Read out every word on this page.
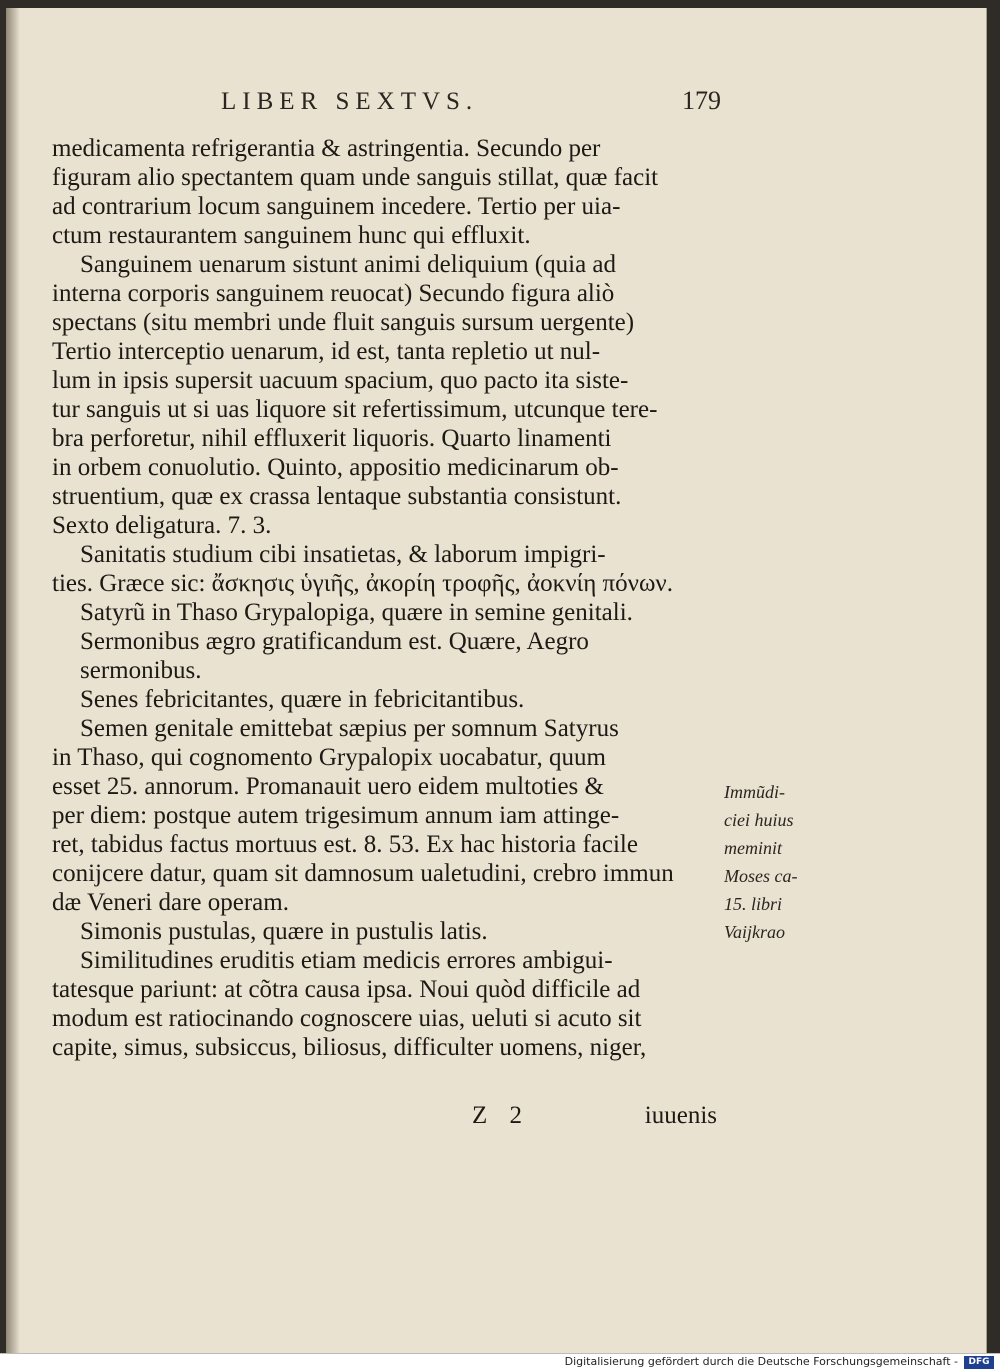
LIBER SEXTVS.	179
medicamenta refrigerantia & astringentia. Secundo per
figuram alio spectantem quam unde sanguis stillat, quæ facit
ad contrarium locum sanguinem incedere. Tertio per uia-
ctum restaurantem sanguinem hunc qui effluxit.
Sanguinem uenarum sistunt animi deliquium (quia ad
interna corporis sanguinem reuocat) Secundo figura aliò
spectans (situ membri unde fluit sanguis sursum uergente)
Tertio interceptio uenarum, id est, tanta repletio ut nul-
lum in ipsis supersit uacuum spacium, quo pacto ita siste-
tur sanguis ut si uas liquore sit refertissimum, utcunque tere-
bra perforetur, nihil effluxerit liquoris. Quarto linamenti
in orbem conuolutio. Quinto, appositio medicinarum ob-
struentium, quæ ex crassa lentaque substantia consistunt.
Sexto deligatura. 7. 3.
Sanitatis studium cibi insatietas, & laborum impigri-
ties. Græce sic: ἄσκησις ὑγιῆς, ἀκορίη τροφῆς, ἀοκνίη πόνων.
Satyrũ in Thaso Grypalopiga, quære in semine genitali.
Sermonibus ægro gratificandum est. Quære, Aegro
sermonibus.
Senes febricitantes, quære in febricitantibus.
Semen genitale emittebat sæpius per somnum Satyrus
in Thaso, qui cognomento Grypalopix uocabatur, quum
esset 25. annorum. Promanauit uero eidem multoties &
per diem: postque autem trigesimum annum iam attinge-
ret, tabidus factus mortuus est. 8. 53. Ex hac historia facile
conijcere datur, quam sit damnosum ualetudini, crebro immun
dæ Veneri dare operam.
Simonis pustulas, quære in pustulis latis.
Similitudines eruditis etiam medicis errores ambigui-
tatesque pariunt: at cõtra causa ipsa. Noui quòd difficile ad
modum est ratiocinando cognoscere uias, ueluti si acuto sit
capite, simus, subsiccus, biliosus, difficulter uomens, niger,
Immũdi-
ciei huius
meminit
Moses ca-
15. libri
Vaijkrao
Z 2	iuuenis
Digitalisierung gefördert durch die Deutsche Forschungsgemeinschaft -	DFG
